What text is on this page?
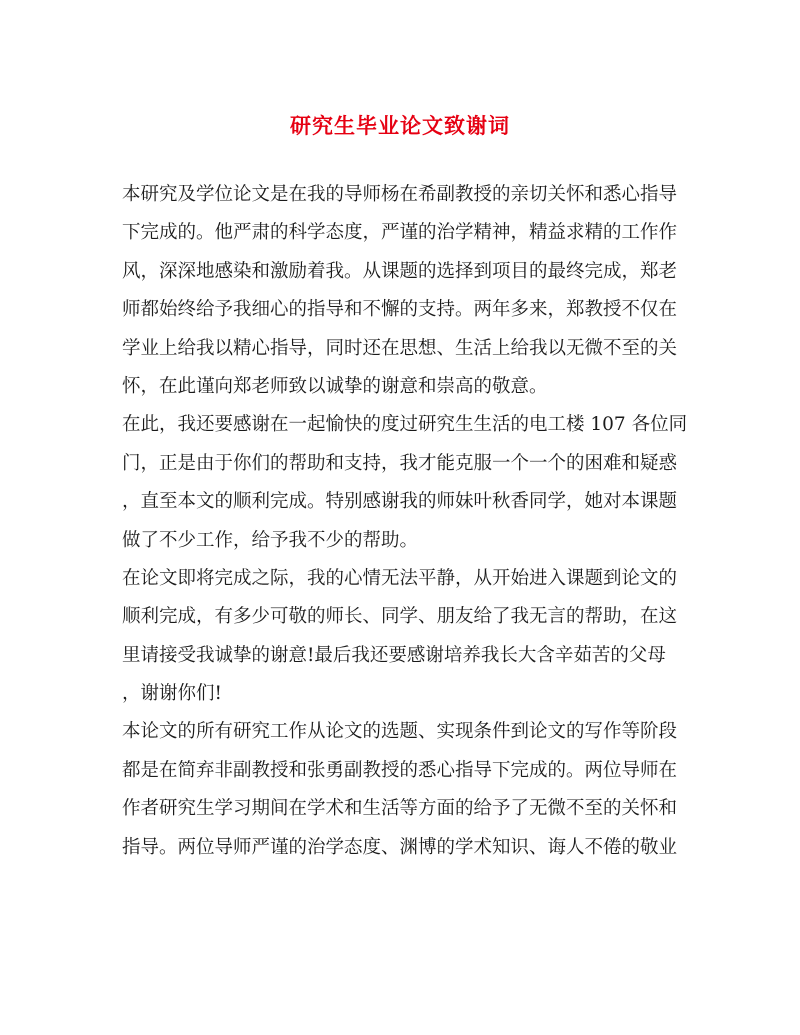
研究生毕业论文致谢词
本研究及学位论文是在我的导师杨在希副教授的亲切关怀和悉心指导
下完成的。他严肃的科学态度，严谨的治学精神，精益求精的工作作
风，深深地感染和激励着我。从课题的选择到项目的最终完成，郑老
师都始终给予我细心的指导和不懈的支持。两年多来，郑教授不仅在
学业上给我以精心指导，同时还在思想、生活上给我以无微不至的关
怀，在此谨向郑老师致以诚挚的谢意和崇高的敬意。
在此，我还要感谢在一起愉快的度过研究生生活的电工楼 107 各位同
门，正是由于你们的帮助和支持，我才能克服一个一个的困难和疑惑
，直至本文的顺利完成。特别感谢我的师妹叶秋香同学，她对本课题
做了不少工作，给予我不少的帮助。
在论文即将完成之际，我的心情无法平静，从开始进入课题到论文的
顺利完成，有多少可敬的师长、同学、朋友给了我无言的帮助，在这
里请接受我诚挚的谢意!最后我还要感谢培养我长大含辛茹苦的父母
，谢谢你们!
本论文的所有研究工作从论文的选题、实现条件到论文的写作等阶段
都是在简弃非副教授和张勇副教授的悉心指导下完成的。两位导师在
作者研究生学习期间在学术和生活等方面的给予了无微不至的关怀和
指导。两位导师严谨的治学态度、渊博的学术知识、诲人不倦的敬业
